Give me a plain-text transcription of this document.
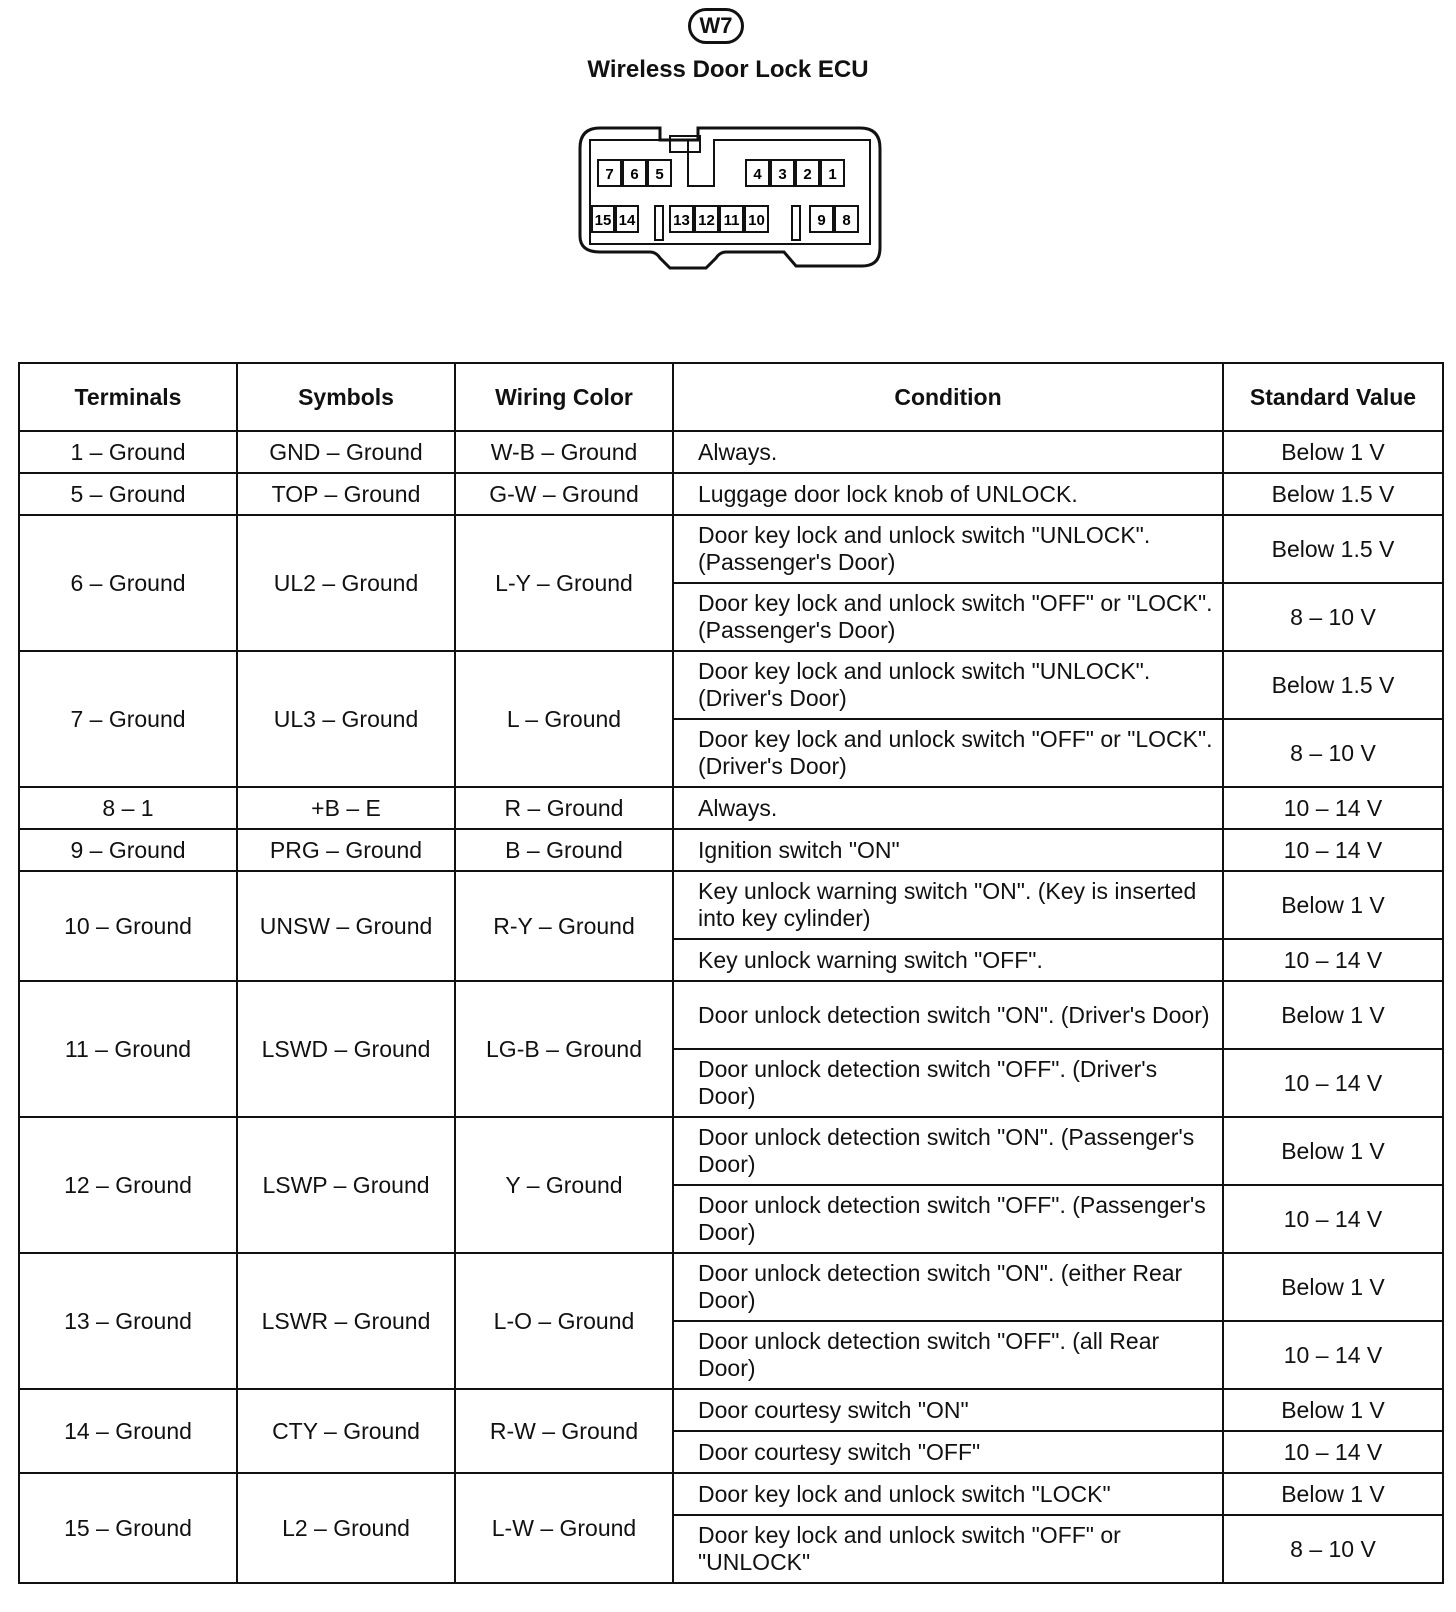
W7
Wireless Door Lock ECU
7 6 5	4 3 2 1
15 14	13 12 11 10	9 8
Terminals	Symbols	Wiring Color	Condition	Standard Value
1 – Ground	GND – Ground	W-B – Ground	Always.	Below 1 V
5 – Ground	TOP – Ground	G-W – Ground	Luggage door lock knob of UNLOCK.	Below 1.5 V
6 – Ground	UL2 – Ground	L-Y – Ground	Door key lock and unlock switch "UNLOCK". (Passenger's Door)	Below 1.5 V
			Door key lock and unlock switch "OFF" or "LOCK". (Passenger's Door)	8 – 10 V
7 – Ground	UL3 – Ground	L – Ground	Door key lock and unlock switch "UNLOCK". (Driver's Door)	Below 1.5 V
			Door key lock and unlock switch "OFF" or "LOCK". (Driver's Door)	8 – 10 V
8 – 1	+B – E	R – Ground	Always.	10 – 14 V
9 – Ground	PRG – Ground	B – Ground	Ignition switch "ON"	10 – 14 V
10 – Ground	UNSW – Ground	R-Y – Ground	Key unlock warning switch "ON". (Key is inserted into key cylinder)	Below 1 V
			Key unlock warning switch "OFF".	10 – 14 V
11 – Ground	LSWD – Ground	LG-B – Ground	Door unlock detection switch "ON". (Driver's Door)	Below 1 V
			Door unlock detection switch "OFF". (Driver's Door)	10 – 14 V
12 – Ground	LSWP – Ground	Y – Ground	Door unlock detection switch "ON". (Passenger's Door)	Below 1 V
			Door unlock detection switch "OFF". (Passenger's Door)	10 – 14 V
13 – Ground	LSWR – Ground	L-O – Ground	Door unlock detection switch "ON". (either Rear Door)	Below 1 V
			Door unlock detection switch "OFF". (all Rear Door)	10 – 14 V
14 – Ground	CTY – Ground	R-W – Ground	Door courtesy switch "ON"	Below 1 V
			Door courtesy switch "OFF"	10 – 14 V
15 – Ground	L2 – Ground	L-W – Ground	Door key lock and unlock switch "LOCK"	Below 1 V
			Door key lock and unlock switch "OFF" or "UNLOCK"	8 – 10 V
